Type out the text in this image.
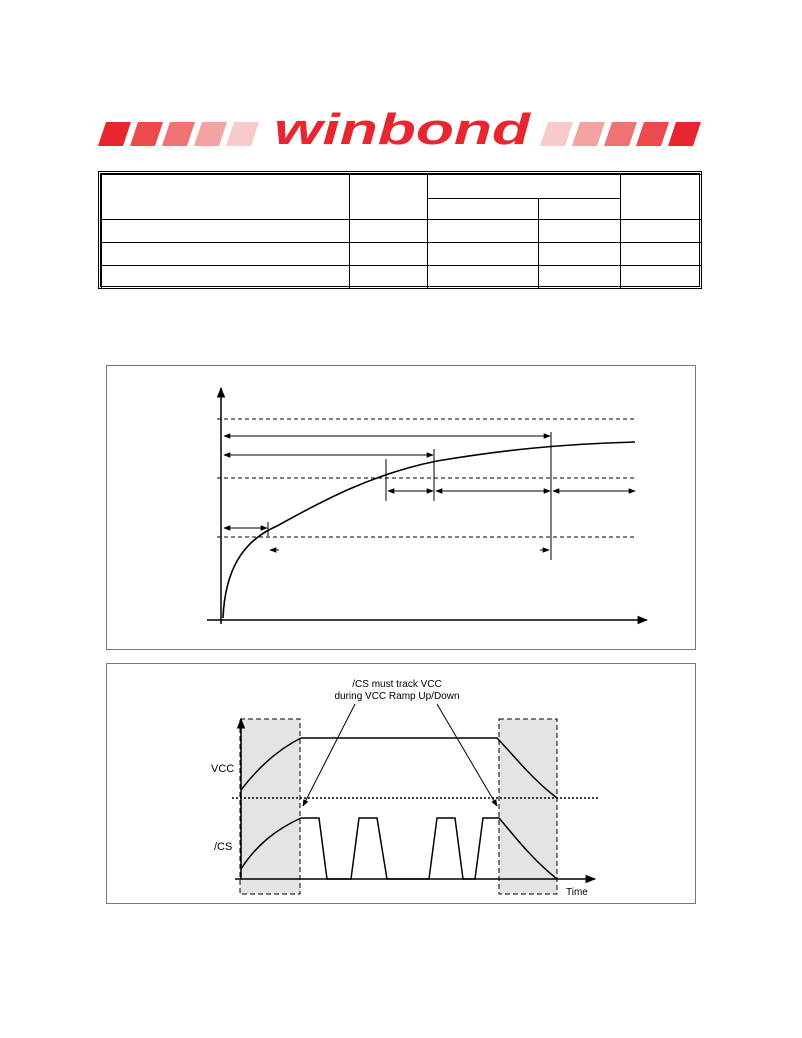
winbond

/CS must track VCC
during VCC Ramp Up/Down
VCC
/CS
Time
